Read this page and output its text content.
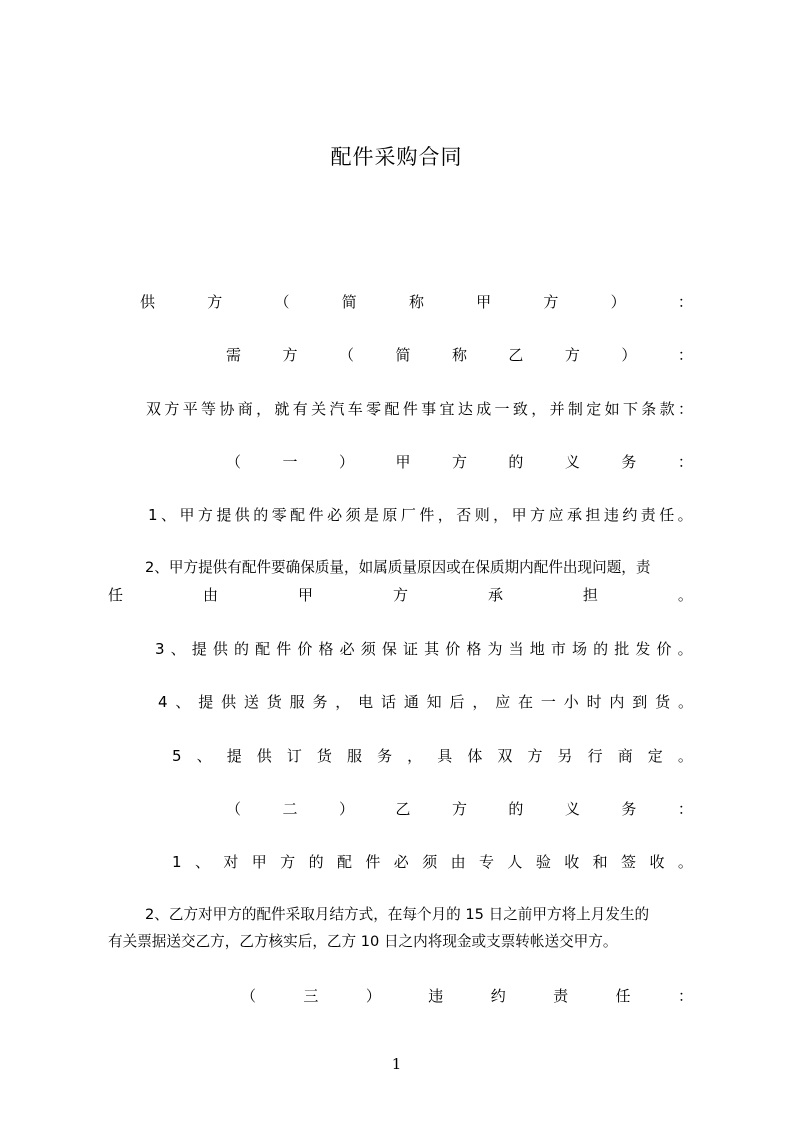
配件采购合同
供	方	（	简	称	甲	方	）	：
需	方	（	简	称	乙	方	）	：
双 方 平 等 协 商 ， 就 有 关 汽 车 零 配 件 事 宜 达 成 一 致 ， 并 制 定 如 下 条 款 ：
（	一	）	甲	方	的	义	务	：
1 、 甲 方 提 供 的 零 配 件 必 须 是 原 厂 件 ， 否 则 ， 甲 方 应 承 担 违 约 责 任 。
2、甲方提供有配件要确保质量，如属质量原因或在保质期内配件出现问题，责
任	由	甲	方	承	担	。
3 、 提 供 的 配 件 价 格 必 须 保 证 其 价 格 为 当 地 市 场 的 批 发 价 。
4 、 提 供 送 货 服 务 ， 电 话 通 知 后 ， 应 在 一 小 时 内 到 货 。
5 、 提 供 订 货 服 务 ， 具 体 双 方 另 行 商 定 。
（	二	）	乙	方	的	义	务	：
1 、 对 甲 方 的 配 件 必 须 由 专 人 验 收 和 签 收 。
2、乙方对甲方的配件采取月结方式，在每个月的 15 日之前甲方将上月发生的
有关票据送交乙方，乙方核实后，乙方 10 日之内将现金或支票转帐送交甲方。
（	三	）	违	约	责	任	：
1
